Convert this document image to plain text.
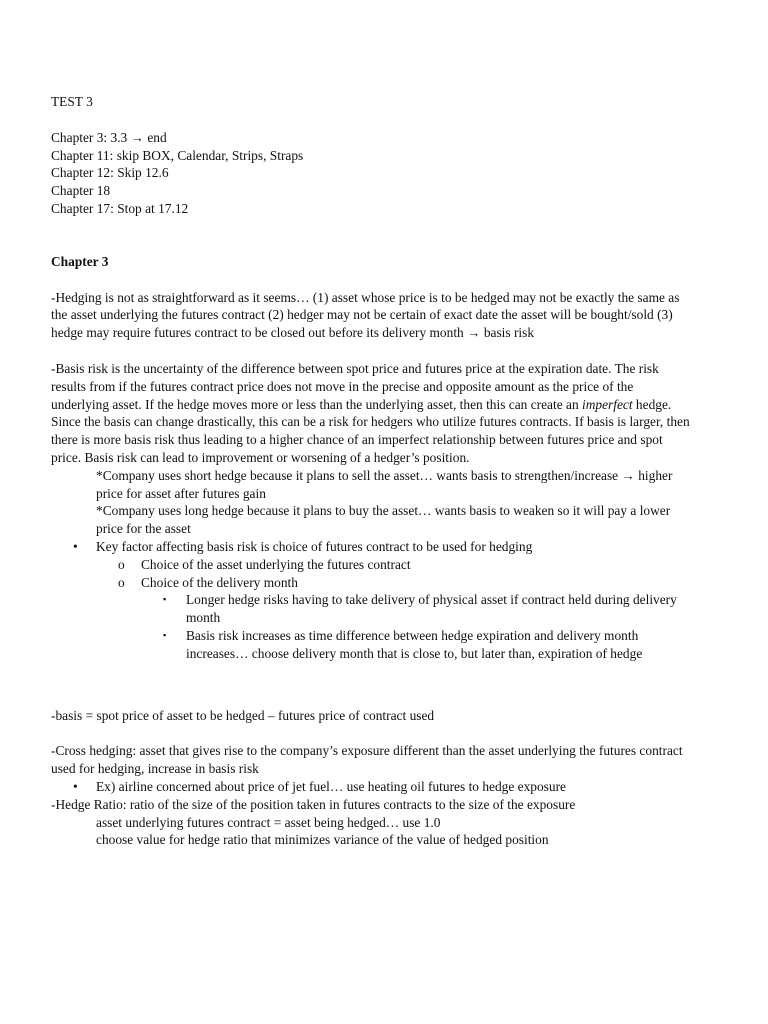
TEST 3

Chapter 3: 3.3 → end

Chapter 11: skip BOX, Calendar, Strips, Straps

Chapter 12: Skip 12.6

Chapter 18

Chapter 17: Stop at 17.12

Chapter 3

-Hedging is not as straightforward as it seems… (1) asset whose price is to be hedged may not be exactly the same as the asset underlying the futures contract (2) hedger may not be certain of exact date the asset will be bought/sold (3) hedge may require futures contract to be closed out before its delivery month → basis risk

-Basis risk is the uncertainty of the difference between spot price and futures price at the expiration date. The risk results from if the futures contract price does not move in the precise and opposite amount as the price of the underlying asset. If the hedge moves more or less than the underlying asset, then this can create an imperfect hedge. Since the basis can change drastically, this can be a risk for hedgers who utilize futures contracts. If basis is larger, then there is more basis risk thus leading to a higher chance of an imperfect relationship between futures price and spot price. Basis risk can lead to improvement or worsening of a hedger’s position.

*Company uses short hedge because it plans to sell the asset… wants basis to strengthen/increase → higher price for asset after futures gain

*Company uses long hedge because it plans to buy the asset… wants basis to weaken so it will pay a lower price for the asset

•	Key factor affecting basis risk is choice of futures contract to be used for hedging
o	Choice of the asset underlying the futures contract
o	Choice of the delivery month
▪	Longer hedge risks having to take delivery of physical asset if contract held during delivery month
▪	Basis risk increases as time difference between hedge expiration and delivery month increases… choose delivery month that is close to, but later than, expiration of hedge

-basis = spot price of asset to be hedged – futures price of contract used

-Cross hedging: asset that gives rise to the company’s exposure different than the asset underlying the futures contract used for hedging, increase in basis risk

•	Ex) airline concerned about price of jet fuel… use heating oil futures to hedge exposure

-Hedge Ratio: ratio of the size of the position taken in futures contracts to the size of the exposure

asset underlying futures contract = asset being hedged… use 1.0

choose value for hedge ratio that minimizes variance of the value of hedged position
